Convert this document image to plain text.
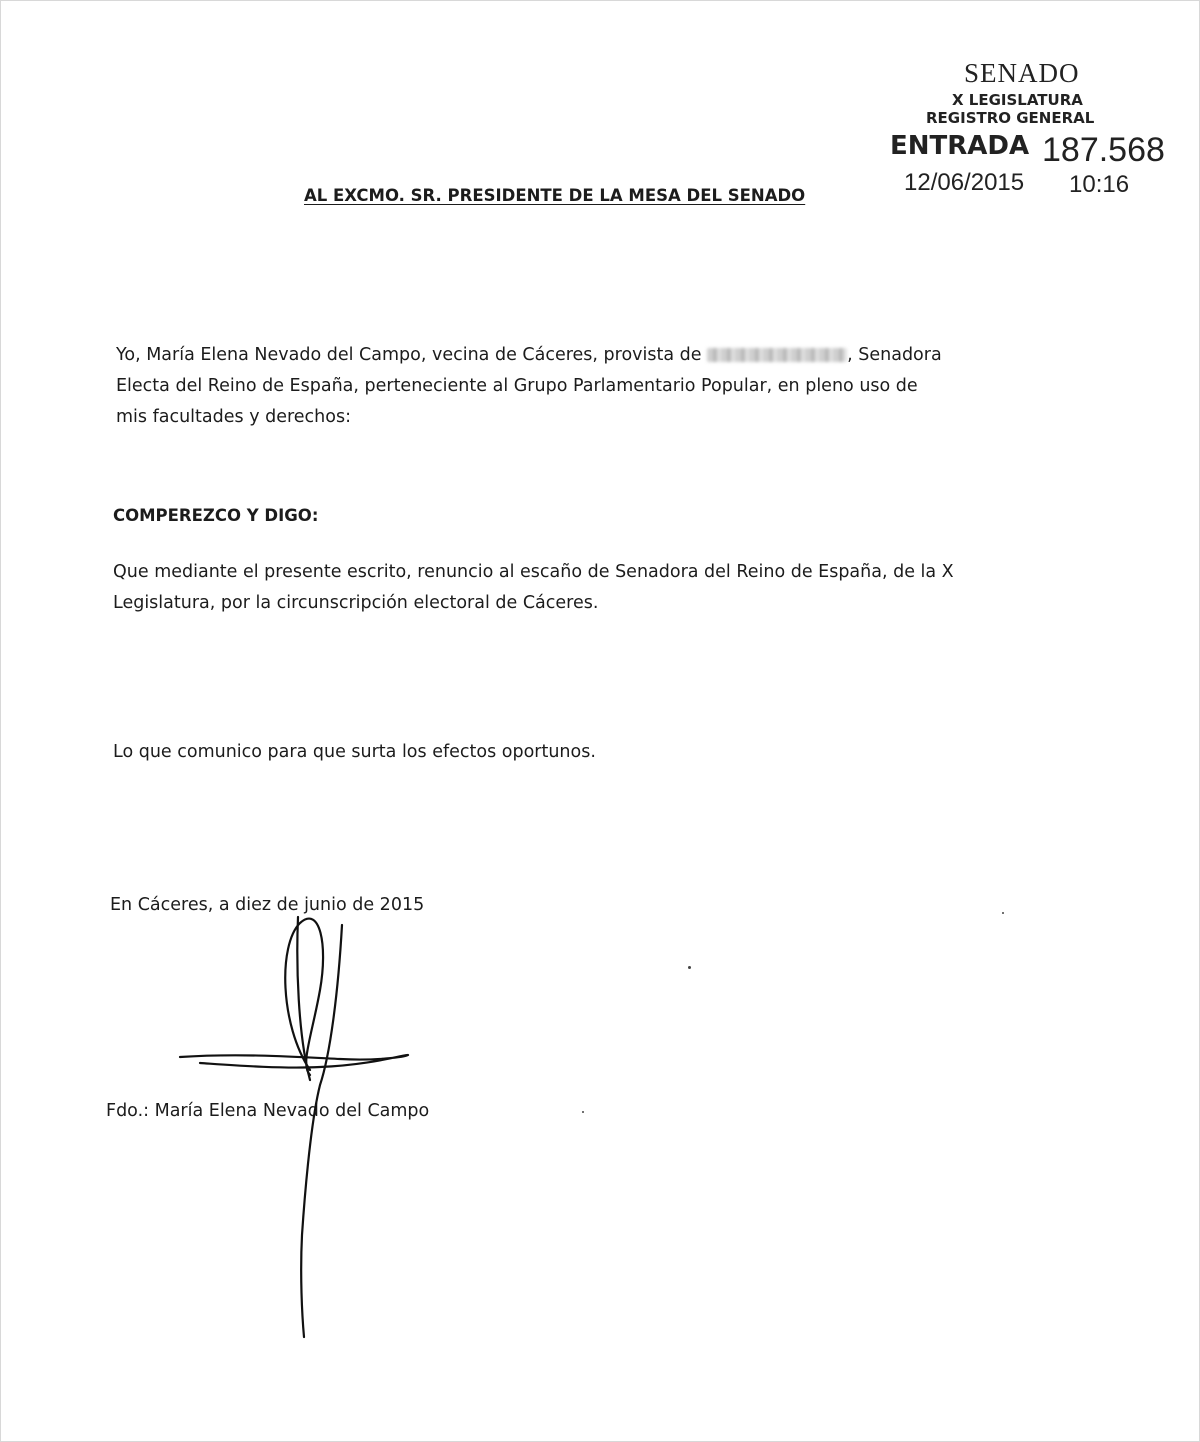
SENADO
X LEGISLATURA
REGISTRO GENERAL
ENTRADA 187.568
12/06/2015 10:16
AL EXCMO. SR. PRESIDENTE DE LA MESA DEL SENADO
Yo, María Elena Nevado del Campo, vecina de Cáceres, provista de	, Senadora
Electa del Reino de España, perteneciente al Grupo Parlamentario Popular, en pleno uso de
mis facultades y derechos:
COMPEREZCO Y DIGO:
Que mediante el presente escrito, renuncio al escaño de Senadora del Reino de España, de la X
Legislatura, por la circunscripción electoral de Cáceres.
Lo que comunico para que surta los efectos oportunos.
En Cáceres, a diez de junio de 2015
Fdo.: María Elena Nevado del Campo
